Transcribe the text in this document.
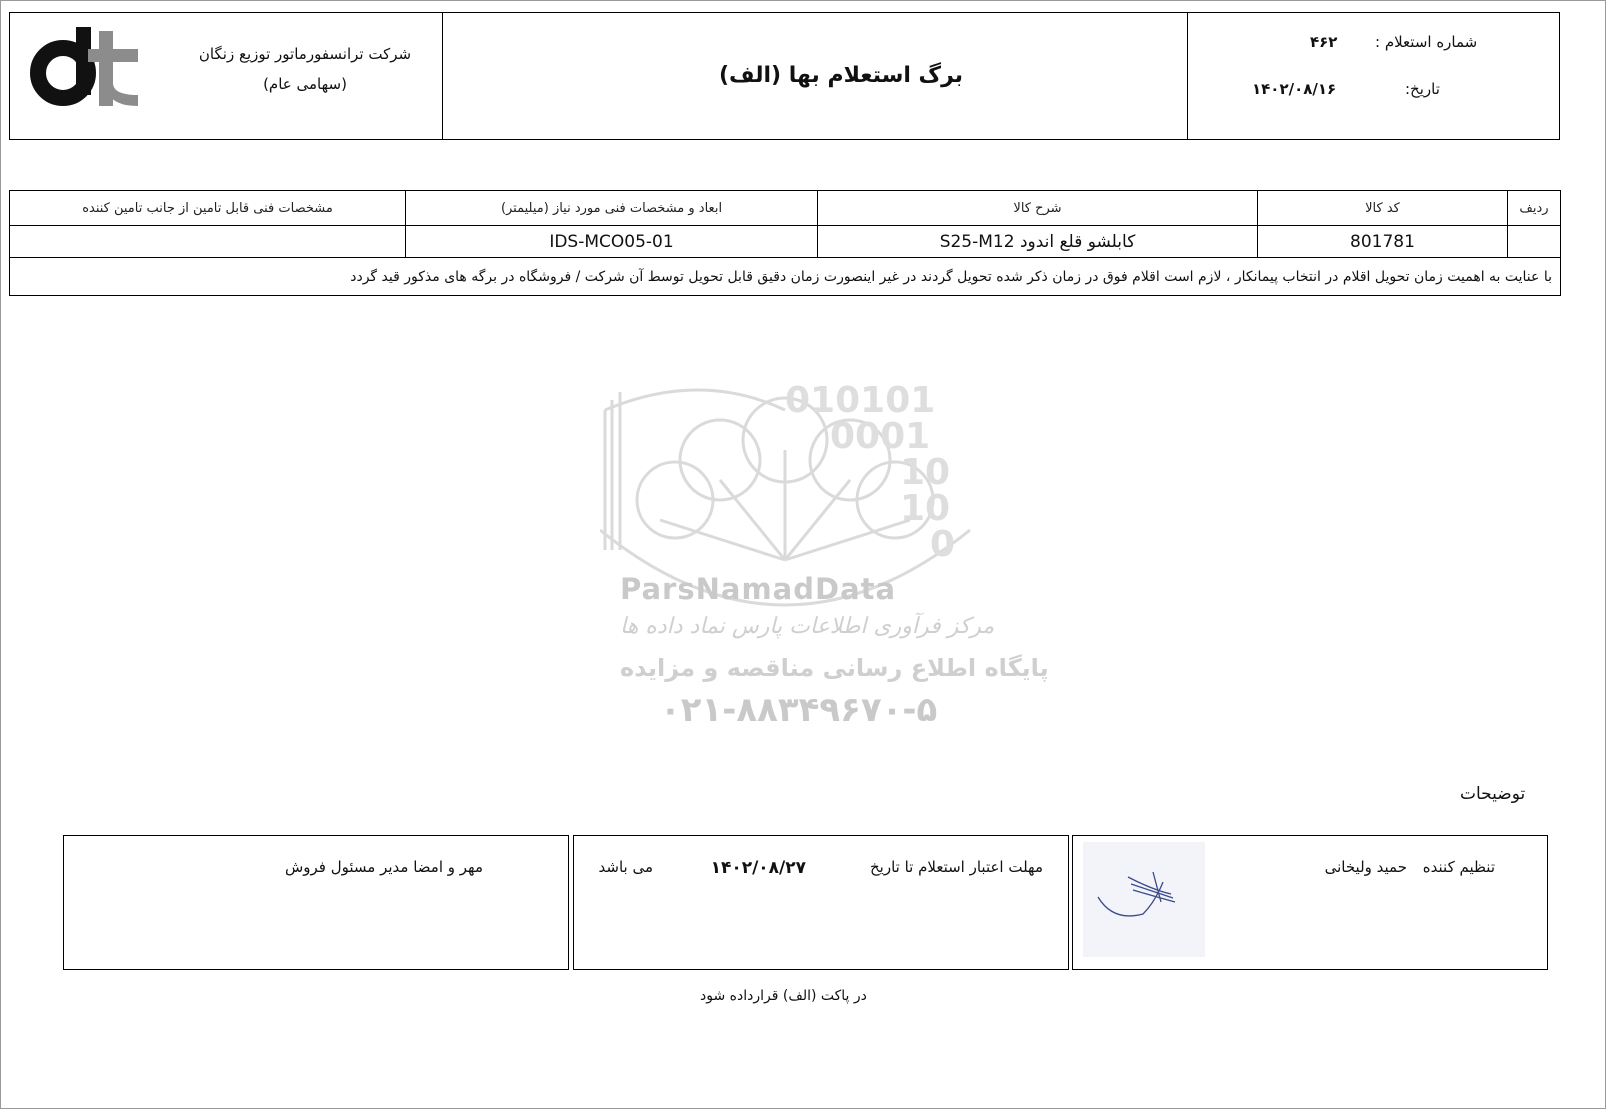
شرکت ترانسفورماتور توزیع زنگان
(سهامی عام)	برگ استعلام بها (الف)
شماره استعلام :
۴۶۲
تاریخ:
۱۴۰۲/۰۸/۱۶
ردیف	کد کالا	شرح کالا	ابعاد و مشخصات فنی مورد نیاز (میلیمتر)	مشخصات فنی قابل تامین از جانب تامین کننده
	801781	کابلشو قلع اندود S25-M12	IDS-MCO05-01	
با عنایت به اهمیت زمان تحویل اقلام در انتخاب پیمانکار ، لازم است اقلام فوق در زمان ذکر شده تحویل گردند در غیر اینصورت زمان دقیق قابل تحویل توسط آن شرکت / فروشگاه در برگه های مذکور قید گردد				
010101
0001
10
10
0
ParsNamadData
مرکز فرآوری اطلاعات پارس نماد داده ها
پایگاه اطلاع رسانی مناقصه و مزایده
۰۲۱-۸۸۳۴۹۶۷۰-۵
توضیحات
تنظیم کننده
حمید ولیخانی
مهلت اعتبار استعلام تا تاریخ
۱۴۰۲/۰۸/۲۷
می باشد
مهر و امضا مدیر مسئول فروش
در پاکت (الف) قرارداده شود
